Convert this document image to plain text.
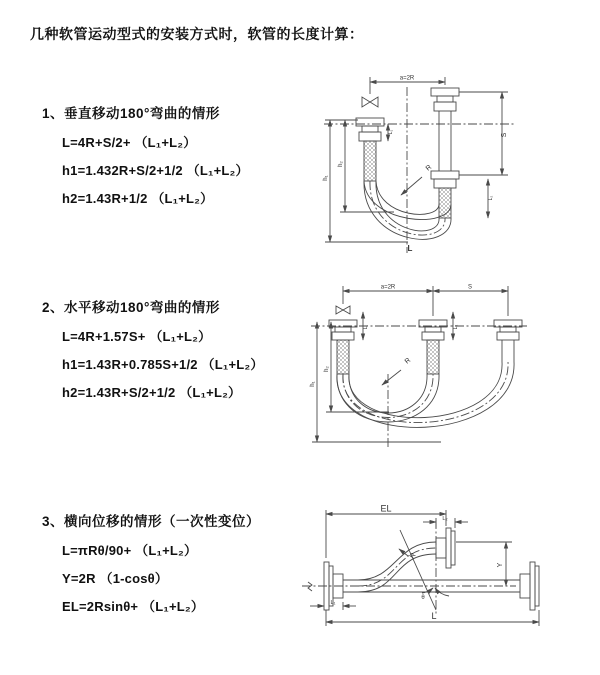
几种软管运动型式的安装方式时，软管的长度计算：
1、垂直移动180°弯曲的情形
L=4R+S/2+ （L₁+L₂）
h1=1.432R+S/2+1/2 （L₁+L₂）
h2=1.43R+1/2 （L₁+L₂）
2、水平移动180°弯曲的情形
L=4R+1.57S+ （L₁+L₂）
h1=1.43R+0.785S+1/2 （L₁+L₂）
h2=1.43R+S/2+1/2 （L₁+L₂）
3、横向位移的情形（一次性变位）
L=πRθ/90+ （L₁+L₂）
Y=2R （1-cosθ）
EL=2Rsinθ+ （L₁+L₂）
a=2R
S
L₁
L₂
h₁
h₂	R
L
a=2R	S
L₁	L₂
h₁
h₂
R
EL
L₂
Y
L
L₁
R
θ
